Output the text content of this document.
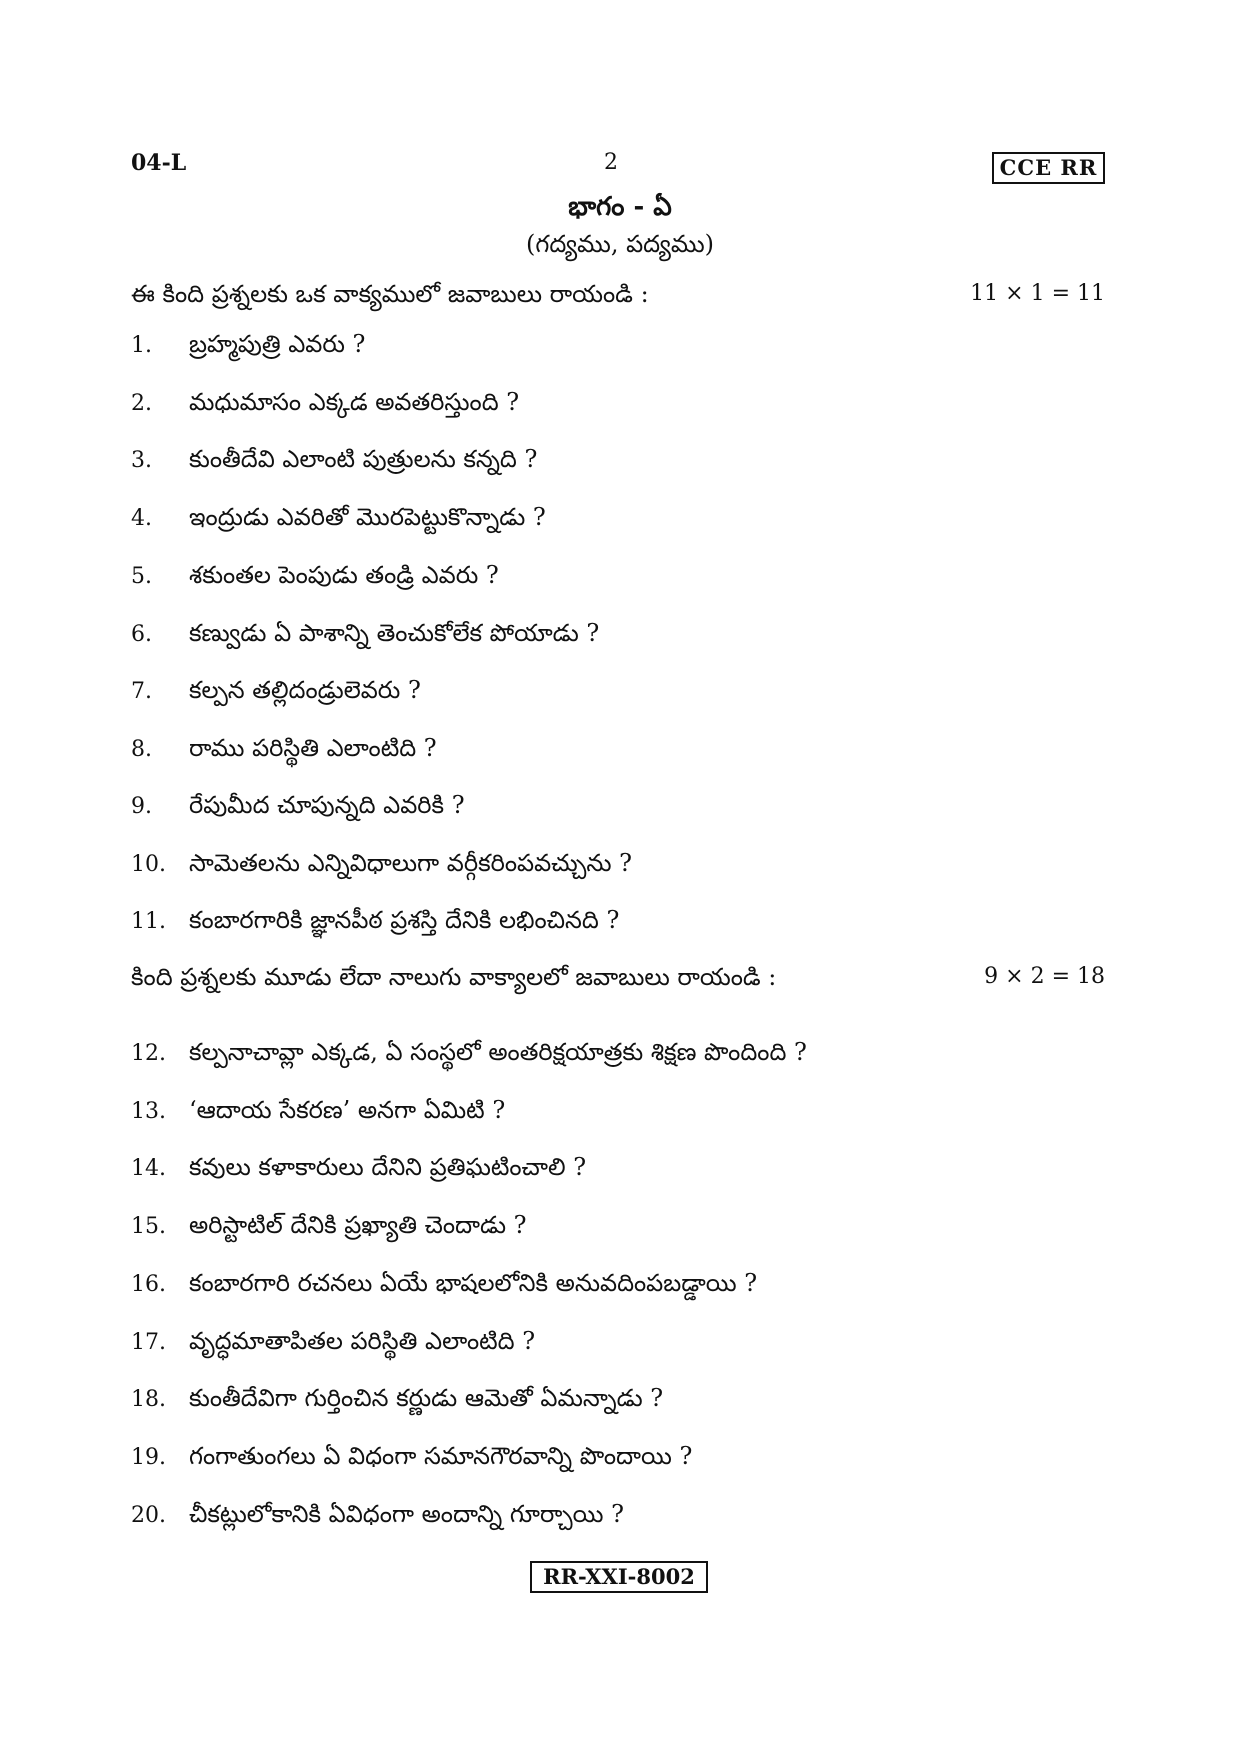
04-L	2	CCE RR
భాగం - ఏ
(గద్యము, పద్యము)
ఈ కింది ప్రశ్నలకు ఒక వాక్యములో జవాబులు రాయండి :	11 × 1 = 11
కింది ప్రశ్నలకు మూడు లేదా నాలుగు వాక్యాలలో జవాబులు రాయండి :	9 × 2 = 18
1. బ్రహ్మపుత్రి ఎవరు ?
2. మధుమాసం ఎక్కడ అవతరిస్తుంది ?
3. కుంతీదేవి ఎలాంటి పుత్రులను కన్నది ?
4. ఇంద్రుడు ఎవరితో మొరపెట్టుకొన్నాడు ?
5. శకుంతల పెంపుడు తండ్రి ఎవరు ?
6. కణ్వుడు ఏ పాశాన్ని తెంచుకోలేక పోయాడు ?
7. కల్పన తల్లిదండ్రులెవరు ?
8. రాము పరిస్థితి ఎలాంటిది ?
9. రేపుమీద చూపున్నది ఎవరికి ?
10. సామెతలను ఎన్నివిధాలుగా వర్గీకరింపవచ్చును ?
11. కంబారగారికి జ్ఞానపీఠ ప్రశస్తి దేనికి లభించినది ?
12. కల్పనాచావ్లా ఎక్కడ, ఏ సంస్థలో అంతరిక్షయాత్రకు శిక్షణ పొందింది ?
13. ‘ఆదాయ సేకరణ’ అనగా ఏమిటి ?
14. కవులు కళాకారులు దేనిని ప్రతిఘటించాలి ?
15. అరిస్టాటిల్ దేనికి ప్రఖ్యాతి చెందాడు ?
16. కంబారగారి రచనలు ఏయే భాషలలోనికి అనువదింపబడ్డాయి ?
17. వృద్ధమాతాపితల పరిస్థితి ఎలాంటిది ?
18. కుంతీదేవిగా గుర్తించిన కర్ణుడు ఆమెతో ఏమన్నాడు ?
19. గంగాతుంగలు ఏ విధంగా సమానగౌరవాన్ని పొందాయి ?
20. చీకట్లులోకానికి ఏవిధంగా అందాన్ని గూర్చాయి ?
RR-XXI-8002
